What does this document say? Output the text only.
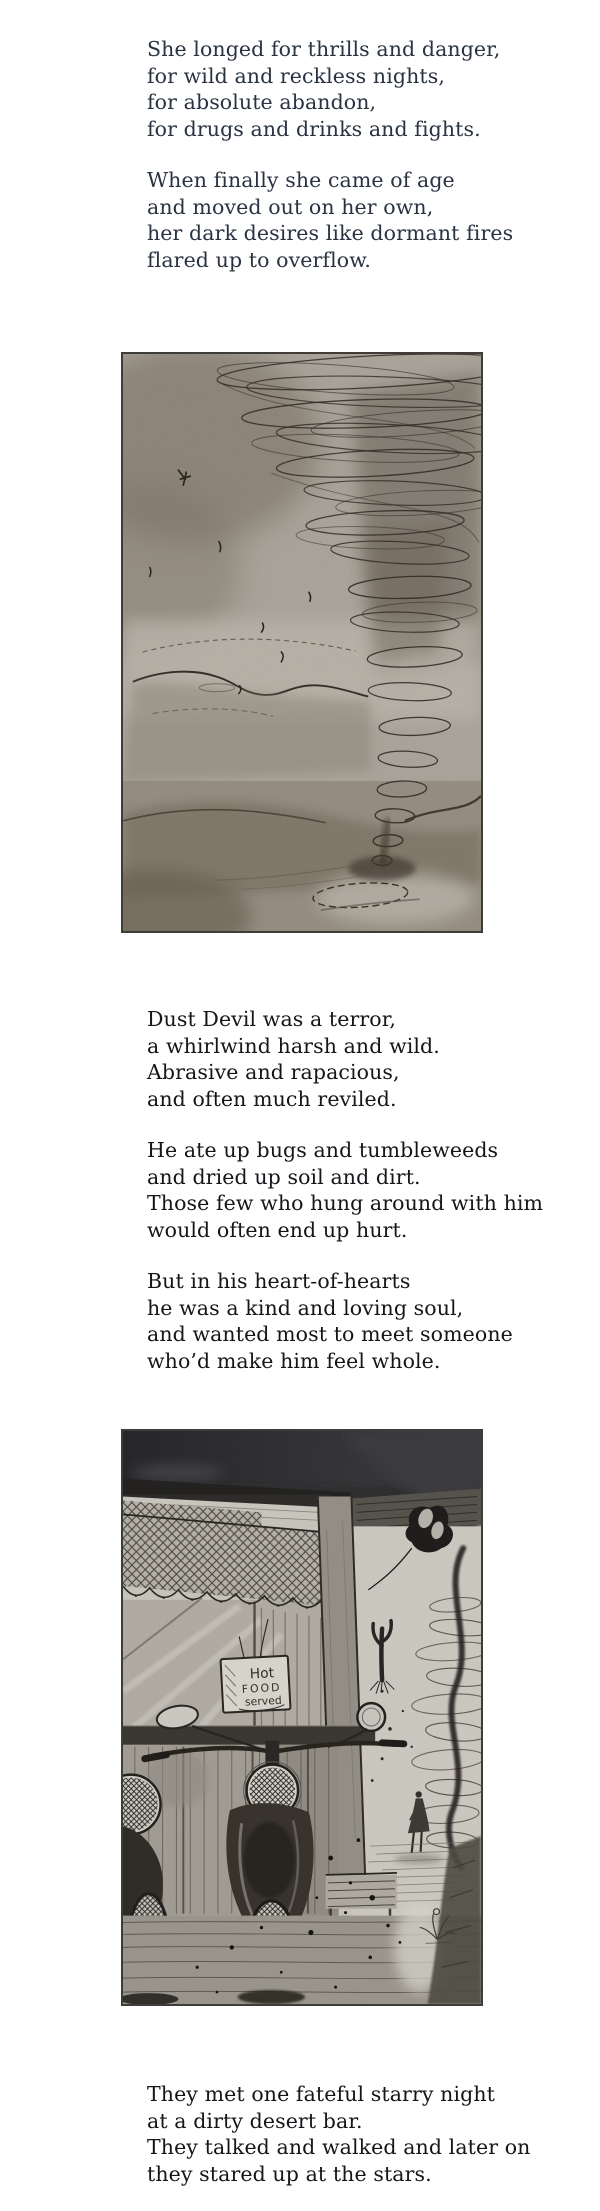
She longed for thrills and danger,
for wild and reckless nights,
for absolute abandon,
for drugs and drinks and fights.

When finally she came of age
and moved out on her own,
her dark desires like dormant fires
flared up to overflow.

Dust Devil was a terror,
a whirlwind harsh and wild.
Abrasive and rapacious,
and often much reviled.

He ate up bugs and tumbleweeds
and dried up soil and dirt.
Those few who hung around with him
would often end up hurt.

But in his heart-of-hearts
he was a kind and loving soul,
and wanted most to meet someone
who’d make him feel whole.

They met one fateful starry night
at a dirty desert bar.
They talked and walked and later on
they stared up at the stars.
